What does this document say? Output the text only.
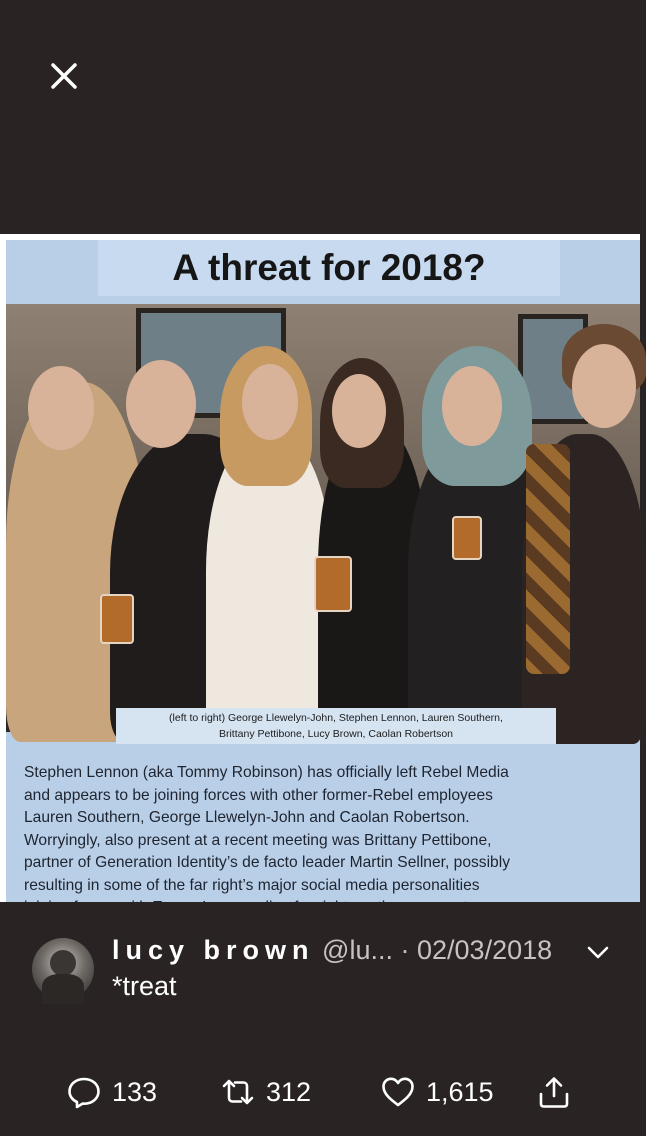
A threat for 2018?
(left to right) George Llewelyn-John, Stephen Lennon, Lauren Southern,
Brittany Pettibone, Lucy Brown, Caolan Robertson
Stephen Lennon (aka Tommy Robinson) has officially left Rebel Media
and appears to be joining forces with other former-Rebel employees
Lauren Southern, George Llewelyn-John and Caolan Robertson.
Worryingly, also present at a recent meeting was Brittany Pettibone,
partner of Generation Identity’s de facto leader Martin Sellner, possibly
resulting in some of the far right’s major social media personalities
lucy brown @lu... · 02/03/2018
*treat
133	312	1,615
